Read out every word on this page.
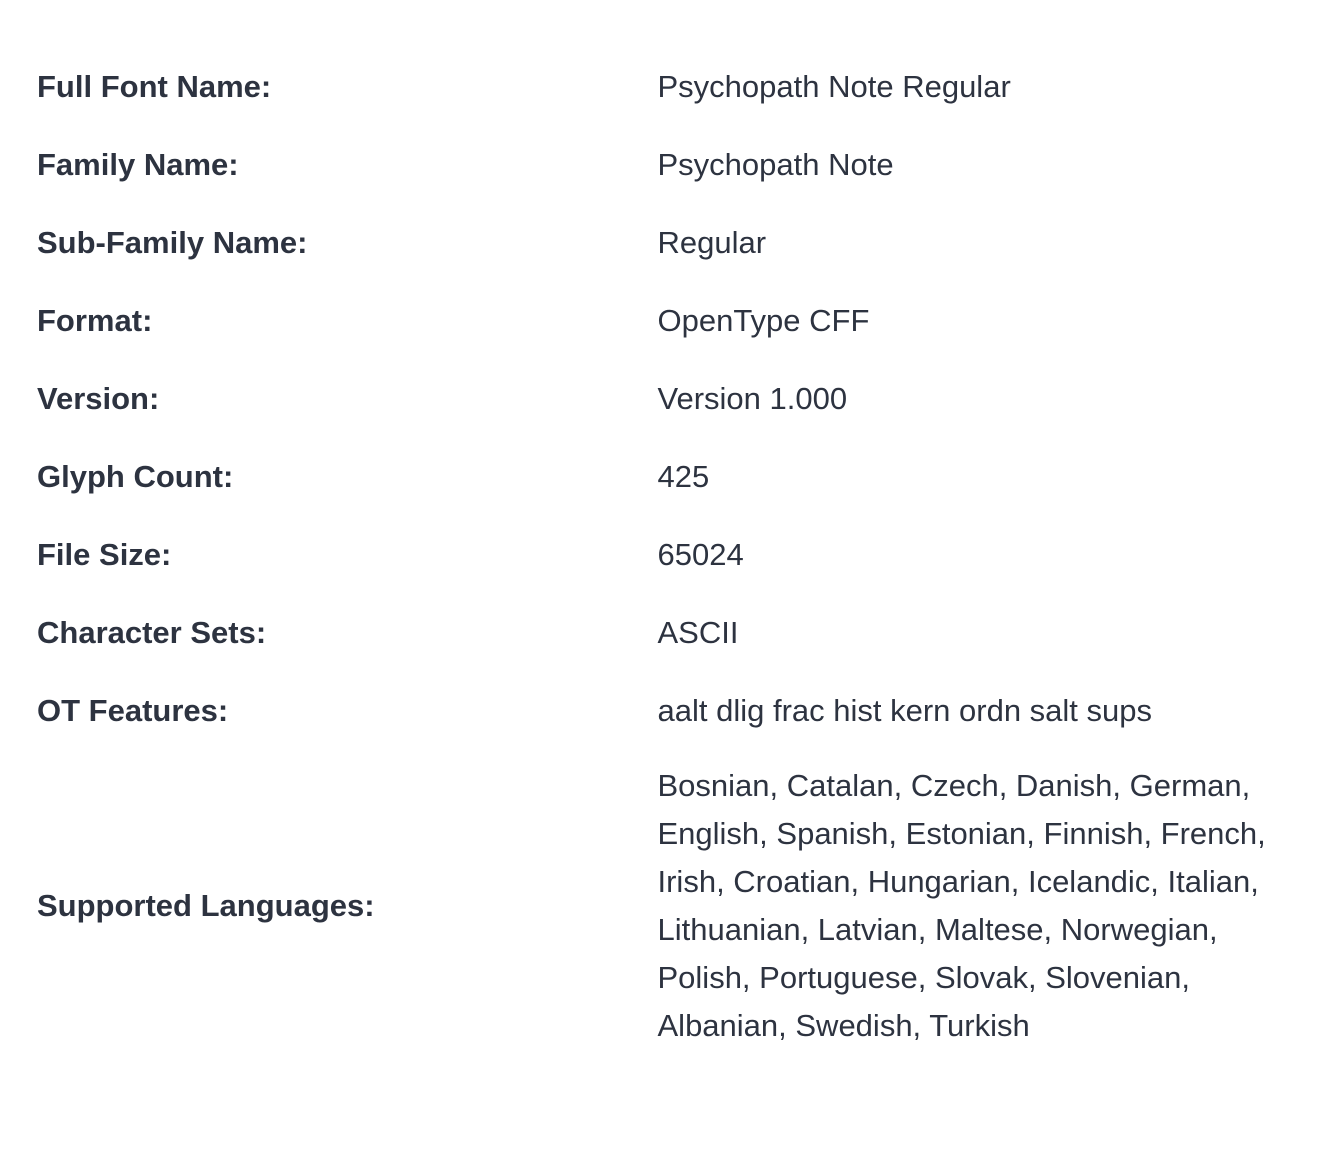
Full Font Name:	Psychopath Note Regular
Family Name:	Psychopath Note
Sub-Family Name:	Regular
Format:	OpenType CFF
Version:	Version 1.000
Glyph Count:	425
File Size:	65024
Character Sets:	ASCII
OT Features:	aalt dlig frac hist kern ordn salt sups
Supported Languages:	Bosnian, Catalan, Czech, Danish, German, English, Spanish, Estonian, Finnish, French, Irish, Croatian, Hungarian, Icelandic, Italian, Lithuanian, Latvian, Maltese, Norwegian, Polish, Portuguese, Slovak, Slovenian, Albanian, Swedish, Turkish
